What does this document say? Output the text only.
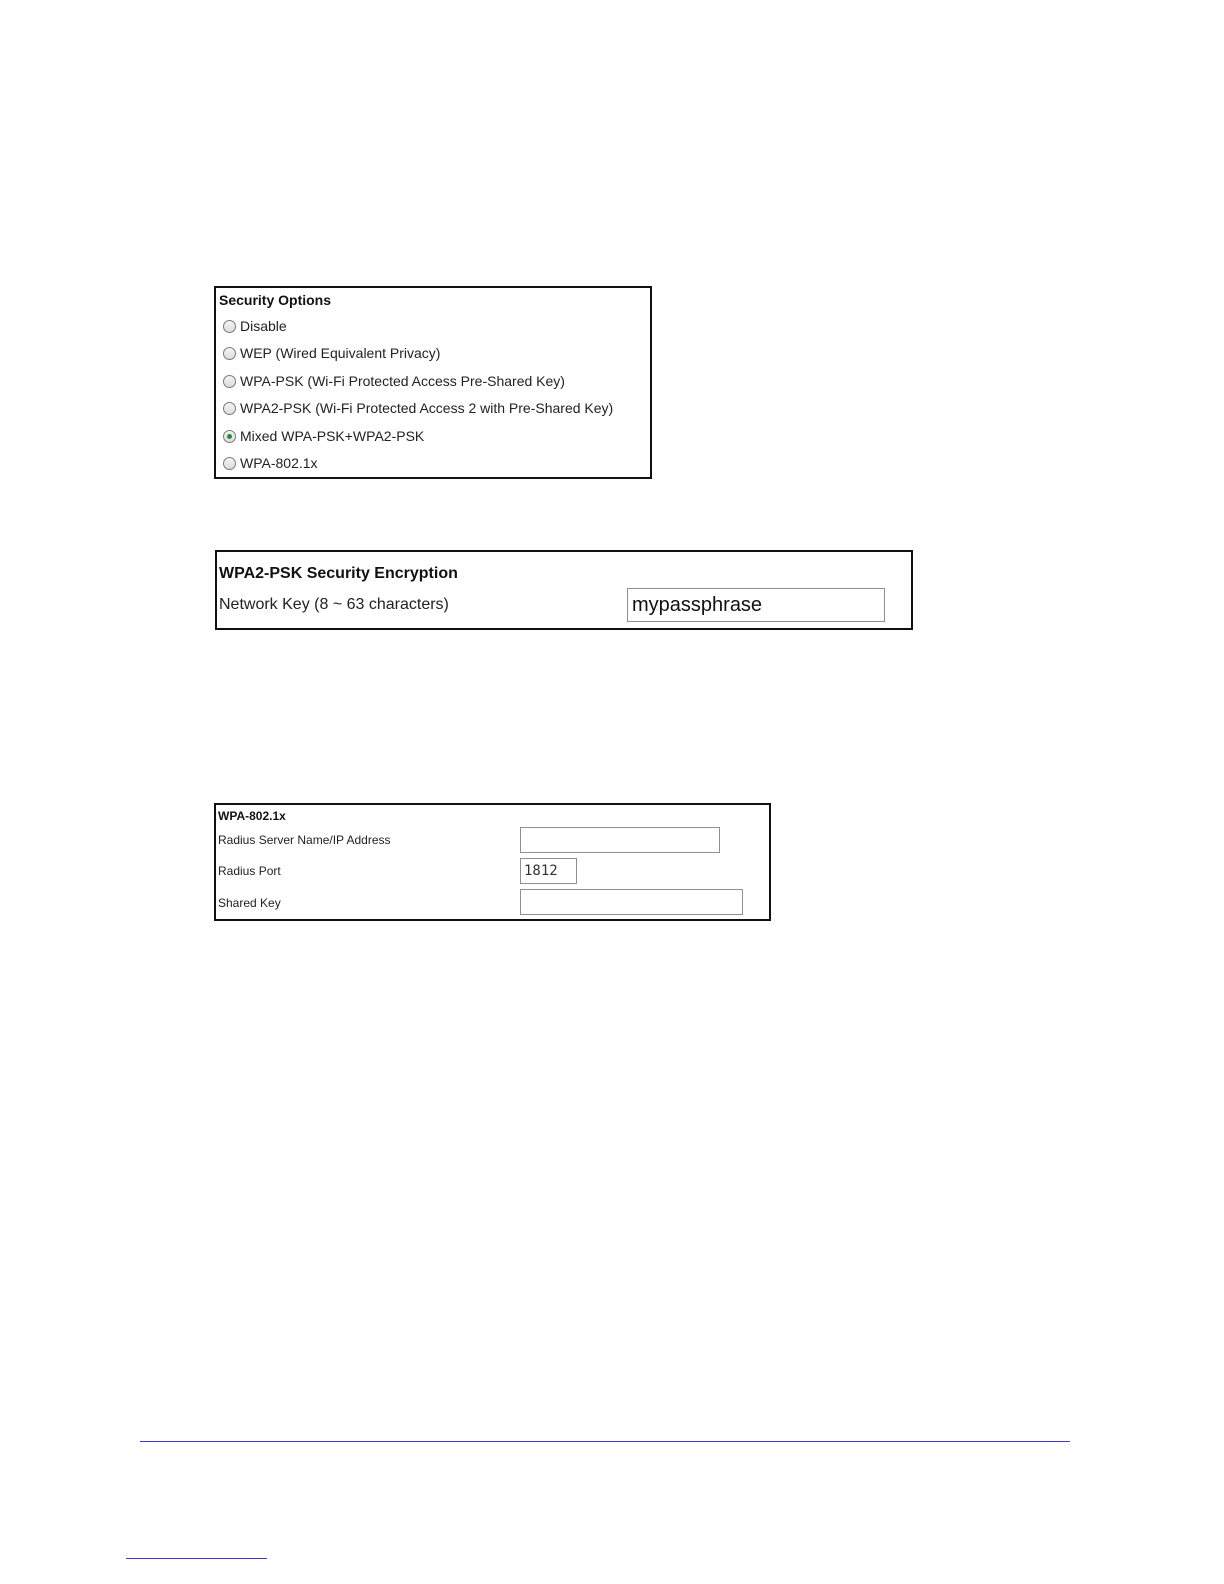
Security Options
Disable
WEP (Wired Equivalent Privacy)
WPA-PSK (Wi-Fi Protected Access Pre-Shared Key)
WPA2-PSK (Wi-Fi Protected Access 2 with Pre-Shared Key)
Mixed WPA-PSK+WPA2-PSK
WPA-802.1x
WPA2-PSK Security Encryption
Network Key (8 ~ 63 characters)
mypassphrase
WPA-802.1x
Radius Server Name/IP Address
Radius Port
1812
Shared Key
